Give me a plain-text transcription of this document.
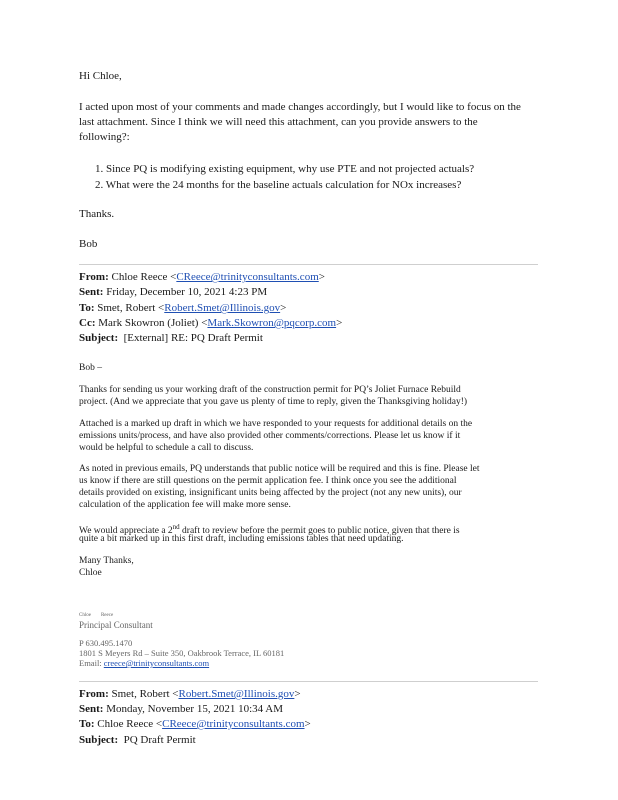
Hi Chloe,
I acted upon most of your comments and made changes accordingly, but I would like to focus on the
last attachment. Since I think we will need this attachment, can you provide answers to the
following?:
1. Since PQ is modifying existing equipment, why use PTE and not projected actuals?
2. What were the 24 months for the baseline actuals calculation for NOx increases?
Thanks.
Bob
From: Chloe Reece <CReece@trinityconsultants.com>
Sent: Friday, December 10, 2021 4:23 PM
To: Smet, Robert <Robert.Smet@Illinois.gov>
Cc: Mark Skowron (Joliet) <Mark.Skowron@pqcorp.com>
Subject: [External] RE: PQ Draft Permit
Bob –
Thanks for sending us your working draft of the construction permit for PQ’s Joliet Furnace Rebuild
project. (And we appreciate that you gave us plenty of time to reply, given the Thanksgiving holiday!)
Attached is a marked up draft in which we have responded to your requests for additional details on the
emissions units/process, and have also provided other comments/corrections. Please let us know if it
would be helpful to schedule a call to discuss.
As noted in previous emails, PQ understands that public notice will be required and this is fine. Please let
us know if there are still questions on the permit application fee. I think once you see the additional
details provided on existing, insignificant units being affected by the project (not any new units), our
calculation of the application fee will make more sense.
We would appreciate a 2nd draft to review before the permit goes to public notice, given that there is
quite a bit marked up in this first draft, including emissions tables that need updating.
Many Thanks,
Chloe
Chloe Reece
Principal Consultant
P 630.495.1470
1801 S Meyers Rd – Suite 350, Oakbrook Terrace, IL 60181
Email: creece@trinityconsultants.com
From: Smet, Robert <Robert.Smet@Illinois.gov>
Sent: Monday, November 15, 2021 10:34 AM
To: Chloe Reece <CReece@trinityconsultants.com>
Subject: PQ Draft Permit
